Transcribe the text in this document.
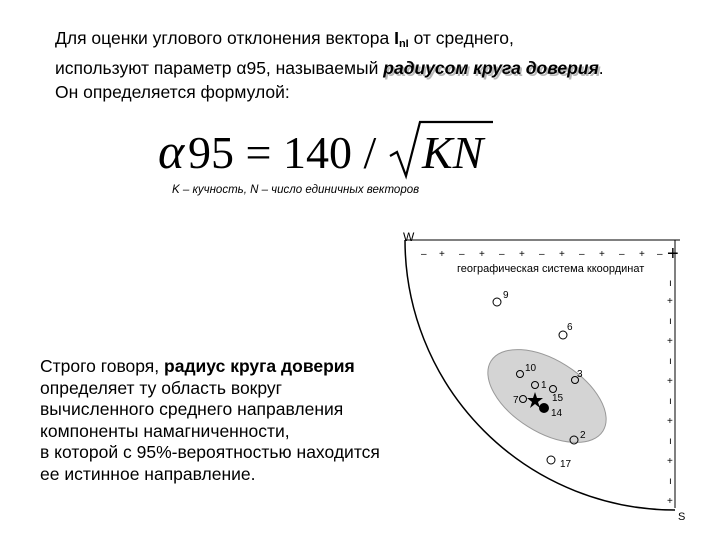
Для оценки углового отклонения вектора $I_{nI}$ от среднего,
используют параметр α95, называемый радиусом круга доверия.
Он определяется формулой:
α 95 = 140 / KN
K – кучность, N – число единичных векторов
Строго говоря, радиус круга доверия
определяет ту область вокруг
вычисленного среднего направления
компоненты намагниченности,
в которой с 95%-вероятностью находится
ее истинное направление.
– + – + – + – + – + – + – +
ı
+
ı
+
ı
+
ı
+
ı
+
ı
+
W
S
географическая система ккоординат
9
6
10
1
3
7	15
14
2
17
